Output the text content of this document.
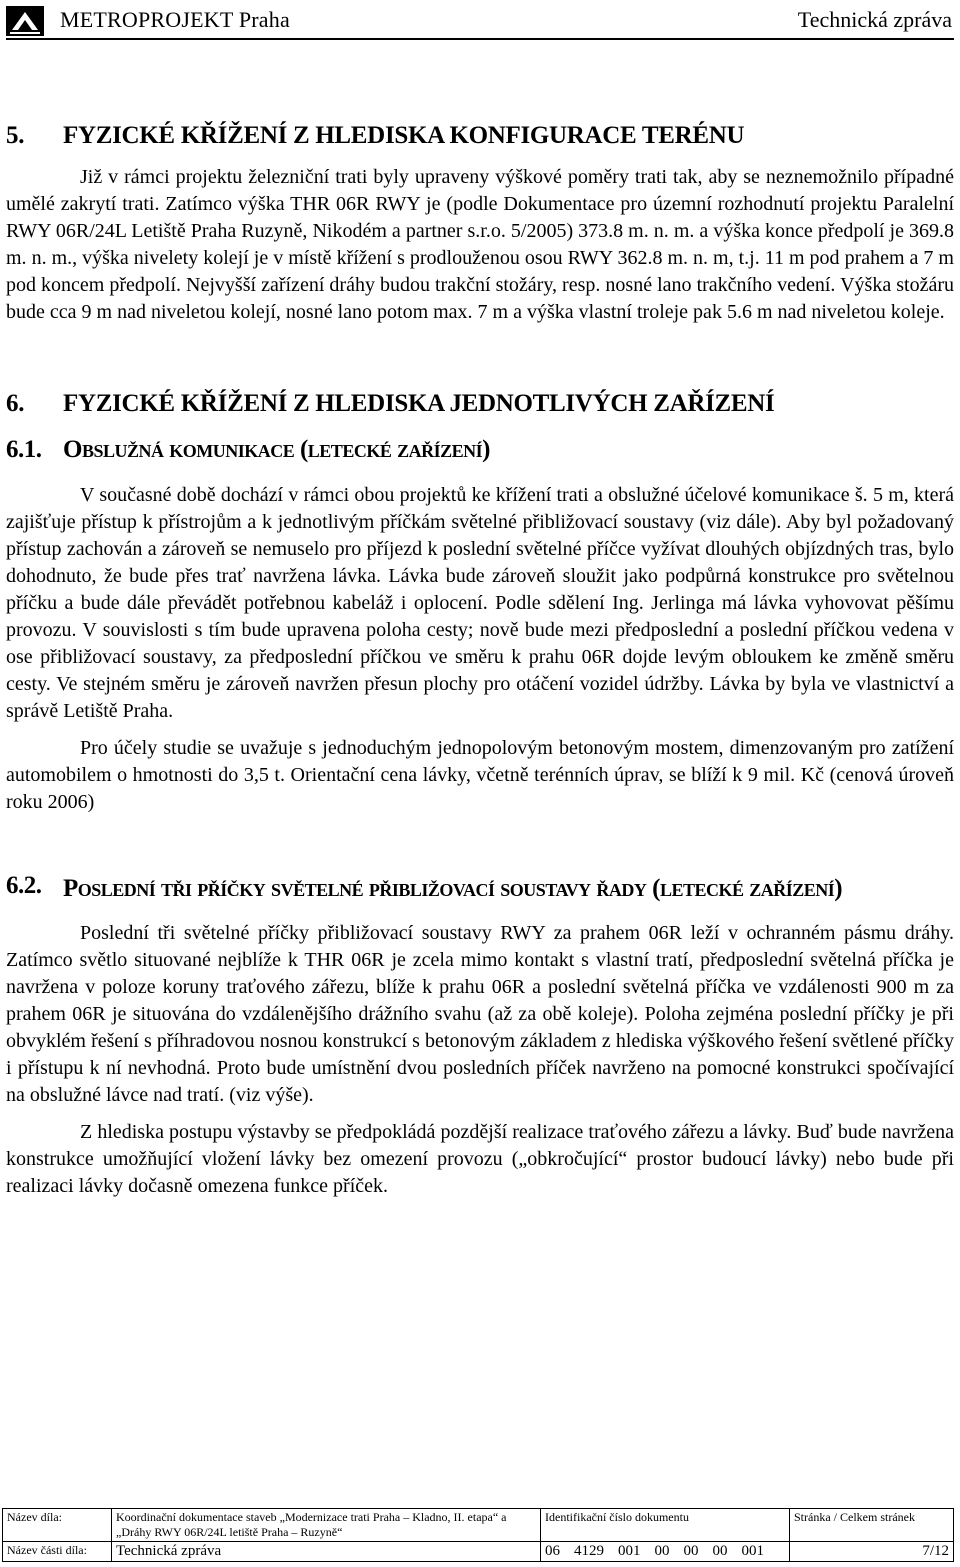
METROPROJEKT Praha	Technická zpráva
5. FYZICKÉ KŘÍŽENÍ Z HLEDISKA KONFIGURACE TERÉNU

Již v rámci projektu železniční trati byly upraveny výškové poměry trati tak, aby se neznemožnilo případné umělé zakrytí trati. Zatímco výška THR 06R RWY je (podle Dokumentace pro územní rozhodnutí projektu Paralelní RWY 06R/24L Letiště Praha Ruzyně, Nikodém a partner s.r.o. 5/2005) 373.8 m. n. m. a výška konce předpolí je 369.8 m. n. m., výška nivelety kolejí je v místě křížení s prodlouženou osou RWY 362.8 m. n. m, t.j. 11 m pod prahem a 7 m pod koncem předpolí. Nejvyšší zařízení dráhy budou trakční stožáry, resp. nosné lano trakčního vedení. Výška stožáru bude cca 9 m nad niveletou kolejí, nosné lano potom max. 7 m a výška vlastní troleje pak 5.6 m nad niveletou koleje.

6. FYZICKÉ KŘÍŽENÍ Z HLEDISKA JEDNOTLIVÝCH ZAŘÍZENÍ
6.1. Obslužná komunikace (letecké zařízení)

V současné době dochází v rámci obou projektů ke křížení trati a obslužné účelové komunikace š. 5 m, která zajišťuje přístup k přístrojům a k jednotlivým příčkám světelné přibližovací soustavy (viz dále). Aby byl požadovaný přístup zachován a zároveň se nemuselo pro příjezd k poslední světelné příčce vyžívat dlouhých objízdných tras, bylo dohodnuto, že bude přes trať navržena lávka. Lávka bude zároveň sloužit jako podpůrná konstrukce pro světelnou příčku a bude dále převádět potřebnou kabeláž i oplocení. Podle sdělení Ing. Jerlinga má lávka vyhovovat pěšímu provozu. V souvislosti s tím bude upravena poloha cesty; nově bude mezi předposlední a poslední příčkou vedena v ose přibližovací soustavy, za předposlední příčkou ve směru k prahu 06R dojde levým obloukem ke změně směru cesty. Ve stejném směru je zároveň navržen přesun plochy pro otáčení vozidel údržby. Lávka by byla ve vlastnictví a správě Letiště Praha.

Pro účely studie se uvažuje s jednoduchým jednopolovým betonovým mostem, dimenzovaným pro zatížení automobilem o hmotnosti do 3,5 t. Orientační cena lávky, včetně terénních úprav, se blíží k 9 mil. Kč (cenová úroveň roku 2006)

6.2. Poslední tři příčky světelné přibližovací soustavy řady (letecké zařízení)

Poslední tři světelné příčky přibližovací soustavy RWY za prahem 06R leží v ochranném pásmu dráhy. Zatímco světlo situované nejblíže k THR 06R je zcela mimo kontakt s vlastní tratí, předposlední světelná příčka je navržena v poloze koruny traťového zářezu, blíže k prahu 06R a poslední světelná příčka ve vzdálenosti 900 m za prahem 06R je situována do vzdálenějšího drážního svahu (až za obě koleje). Poloha zejména poslední příčky je při obvyklém řešení s příhradovou nosnou konstrukcí s betonovým základem z hlediska výškového řešení světlené příčky i přístupu k ní nevhodná. Proto bude umístnění dvou posledních příček navrženo na pomocné konstrukci spočívající na obslužné lávce nad tratí. (viz výše).

Z hlediska postupu výstavby se předpokládá pozdější realizace traťového zářezu a lávky. Buď bude navržena konstrukce umožňující vložení lávky bez omezení provozu („obkročující“ prostor budoucí lávky) nebo bude při realizaci lávky dočasně omezena funkce příček.

Název díla:	Koordinační dokumentace staveb „Modernizace trati Praha – Kladno, II. etapa“ a „Dráhy RWY 06R/24L letiště Praha – Ruzyně“	Identifikační číslo dokumentu	Stránka / Celkem stránek
Název části díla:	Technická zpráva	06 4129 001 00 00 00 001	7/12
